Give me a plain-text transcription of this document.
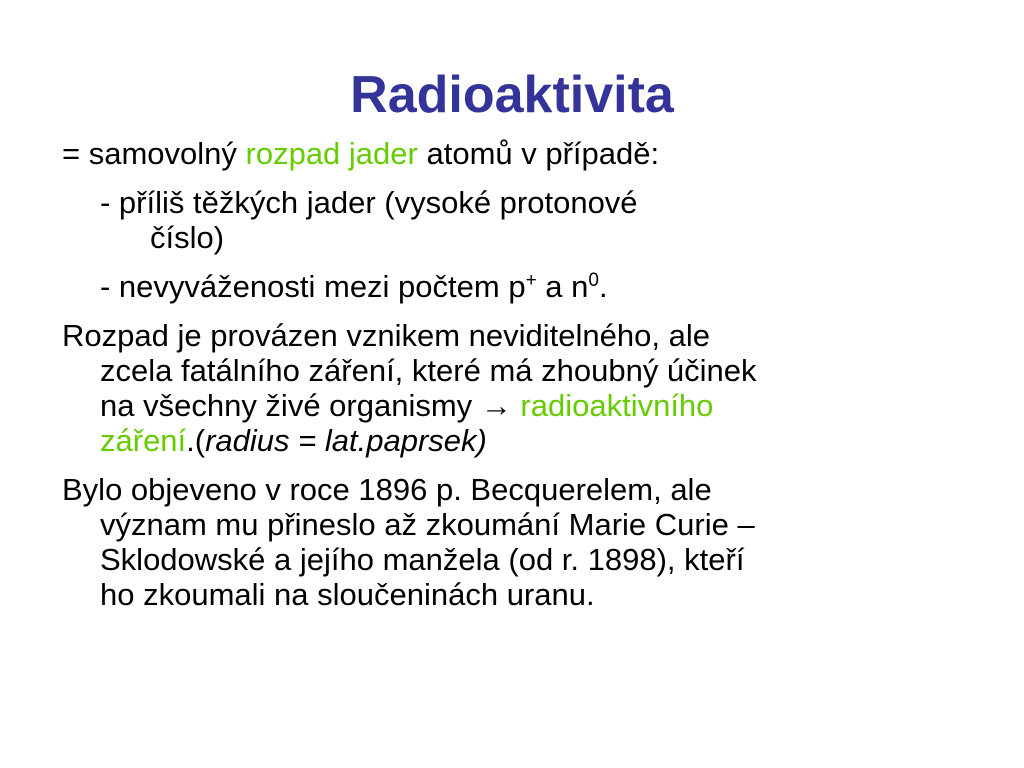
Radioaktivita
= samovolný rozpad jader atomů v případě:
- příliš těžkých jader (vysoké protonové
číslo)
- nevyváženosti mezi počtem p+ a $n^0$.
Rozpad je provázen vznikem neviditelného, ale
zcela fatálního záření, které má zhoubný účinek
na všechny živé organismy → radioaktivního
záření.(radius = lat.paprsek)
Bylo objeveno v roce 1896 p. Becquerelem, ale
význam mu přineslo až zkoumání Marie Curie –
Sklodowské a jejího manžela (od r. 1898), kteří
ho zkoumali na sloučeninách uranu.
